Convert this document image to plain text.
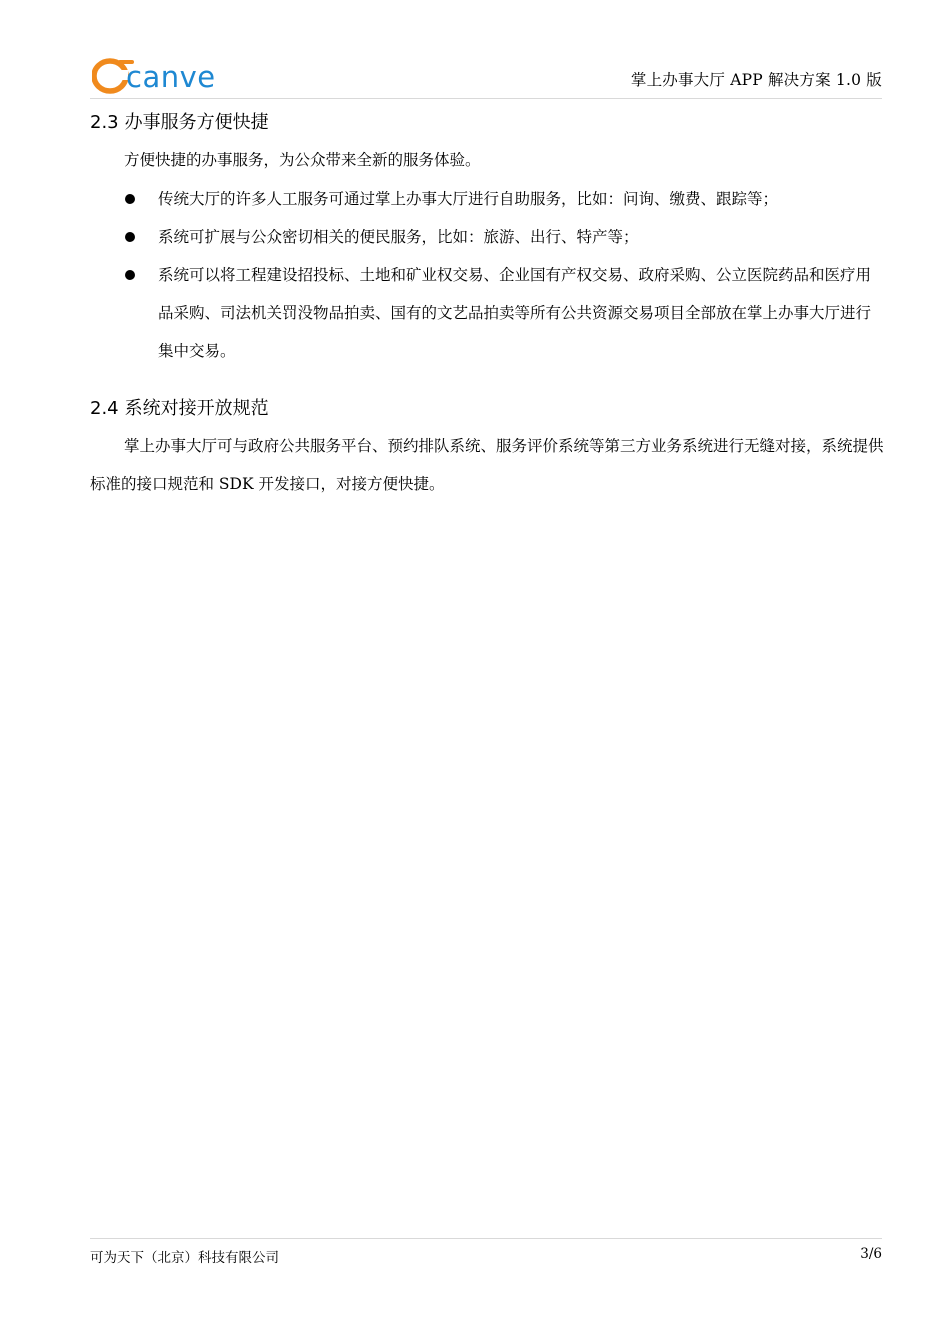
canve	掌上办事大厅 APP 解决方案 1.0 版
2.3 办事服务方便快捷
方便快捷的办事服务，为公众带来全新的服务体验。
传统大厅的许多人工服务可通过掌上办事大厅进行自助服务，比如：问询、缴费、跟踪等；
系统可扩展与公众密切相关的便民服务，比如：旅游、出行、特产等；
系统可以将工程建设招投标、土地和矿业权交易、企业国有产权交易、政府采购、公立医院药品和医疗用品采购、司法机关罚没物品拍卖、国有的文艺品拍卖等所有公共资源交易项目全部放在掌上办事大厅进行集中交易。
2.4 系统对接开放规范
掌上办事大厅可与政府公共服务平台、预约排队系统、服务评价系统等第三方业务系统进行无缝对接，系统提供标准的接口规范和 SDK 开发接口，对接方便快捷。
可为天下（北京）科技有限公司	3/6
